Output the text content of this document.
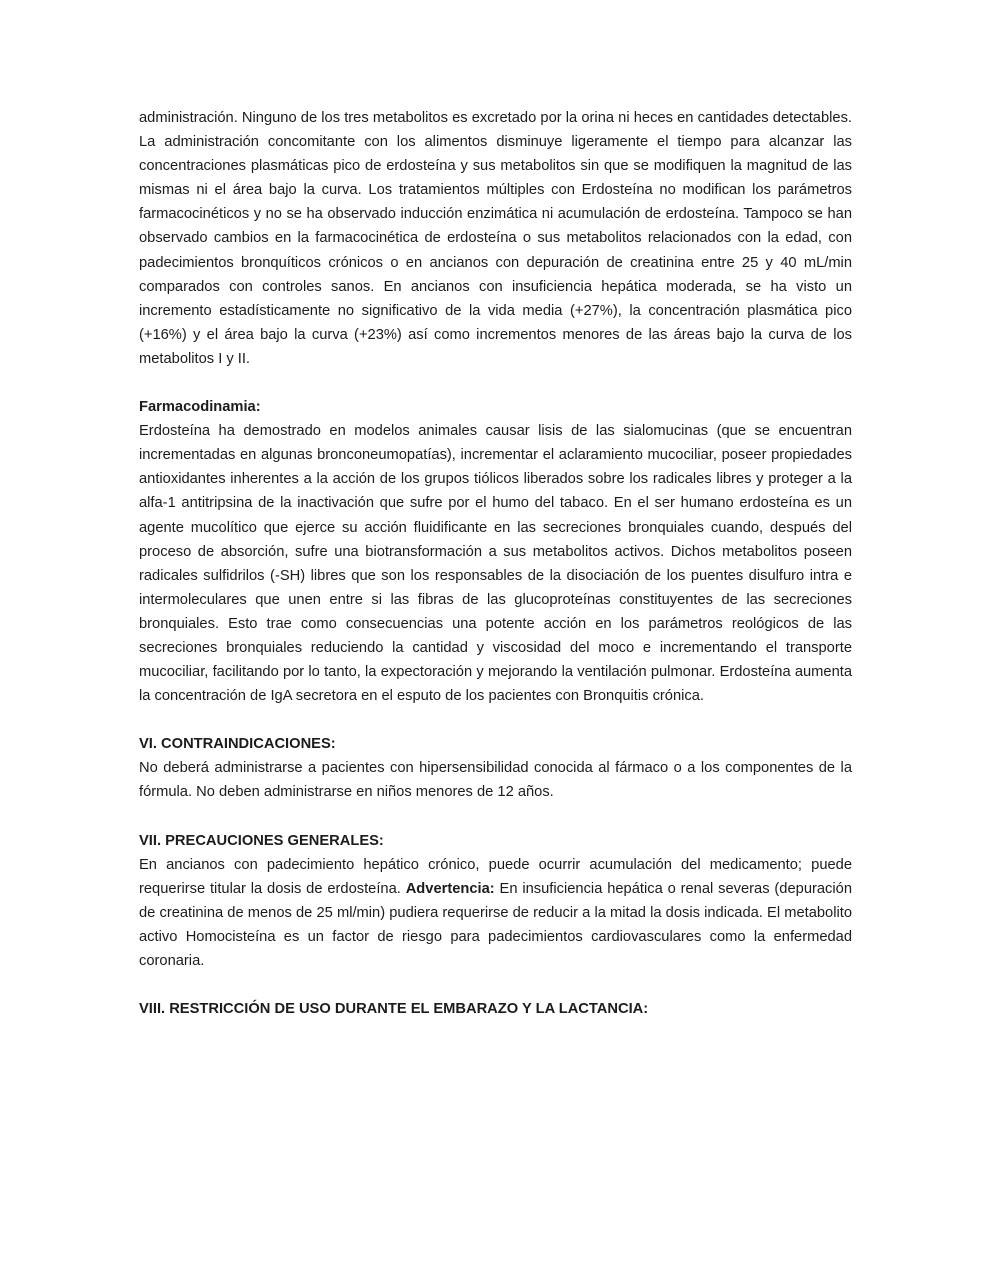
administración. Ninguno de los tres metabolitos es excretado por la orina ni heces en cantidades detectables. La administración concomitante con los alimentos disminuye ligeramente el tiempo para alcanzar las concentraciones plasmáticas pico de erdosteína y sus metabolitos sin que se modifiquen la magnitud de las mismas ni el área bajo la curva. Los tratamientos múltiples con Erdosteína no modifican los parámetros farmacocinéticos y no se ha observado inducción enzimática ni acumulación de erdosteína. Tampoco se han observado cambios en la farmacocinética de erdosteína o sus metabolitos relacionados con la edad, con padecimientos bronquíticos crónicos o en ancianos con depuración de creatinina entre 25 y 40 mL/min comparados con controles sanos. En ancianos con insuficiencia hepática moderada, se ha visto un incremento estadísticamente no significativo de la vida media (+27%), la concentración plasmática pico (+16%) y el área bajo la curva (+23%) así como incrementos menores de las áreas bajo la curva de los metabolitos I y II.

Farmacodinamia:

Erdosteína ha demostrado en modelos animales causar lisis de las sialomucinas (que se encuentran incrementadas en algunas bronconeumopatías), incrementar el aclaramiento mucociliar, poseer propiedades antioxidantes inherentes a la acción de los grupos tiólicos liberados sobre los radicales libres y proteger a la alfa-1 antitripsina de la inactivación que sufre por el humo del tabaco. En el ser humano erdosteína es un agente mucolítico que ejerce su acción fluidificante en las secreciones bronquiales cuando, después del proceso de absorción, sufre una biotransformación a sus metabolitos activos. Dichos metabolitos poseen radicales sulfidrilos (-SH) libres que son los responsables de la disociación de los puentes disulfuro intra e intermoleculares que unen entre si las fibras de las glucoproteínas constituyentes de las secreciones bronquiales. Esto trae como consecuencias una potente acción en los parámetros reológicos de las secreciones bronquiales reduciendo la cantidad y viscosidad del moco e incrementando el transporte mucociliar, facilitando por lo tanto, la expectoración y mejorando la ventilación pulmonar. Erdosteína aumenta la concentración de IgA secretora en el esputo de los pacientes con Bronquitis crónica.

VI. CONTRAINDICACIONES:

No deberá administrarse a pacientes con hipersensibilidad conocida al fármaco o a los componentes de la fórmula. No deben administrarse en niños menores de 12 años.

VII. PRECAUCIONES GENERALES:

En ancianos con padecimiento hepático crónico, puede ocurrir acumulación del medicamento; puede requerirse titular la dosis de erdosteína. Advertencia: En insuficiencia hepática o renal severas (depuración de creatinina de menos de 25 ml/min) pudiera requerirse de reducir a la mitad la dosis indicada. El metabolito activo Homocisteína es un factor de riesgo para padecimientos cardiovasculares como la enfermedad coronaria.

VIII. RESTRICCIÓN DE USO DURANTE EL EMBARAZO Y LA LACTANCIA:
